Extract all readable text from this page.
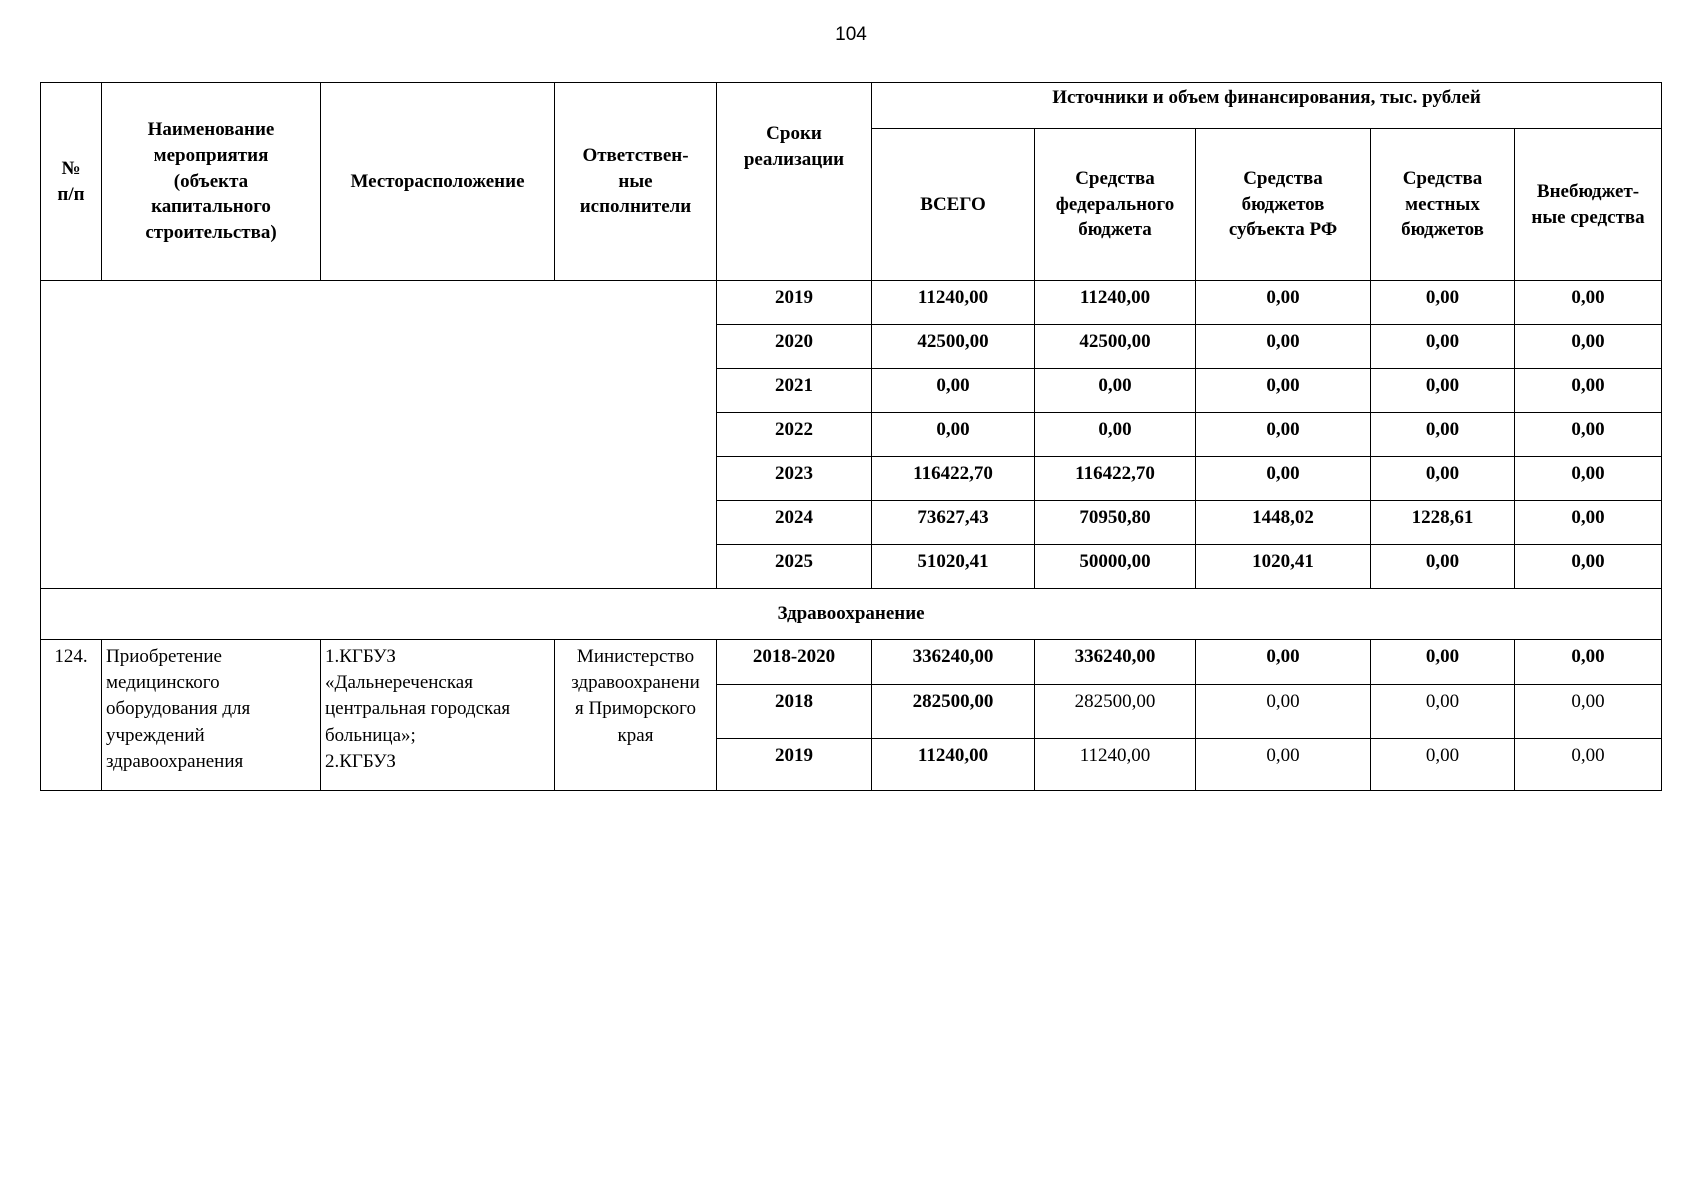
104
№
п/п	Наименование
мероприятия
(объекта
капитального
строительства)	Месторасположение	Ответствен-
ные
исполнители	Сроки
реализации	Источники и объем финансирования, тыс. рублей				
					ВСЕГО	Средства
федерального
бюджета	Средства
бюджетов
субъекта РФ	Средства
местных
бюджетов	Внебюджет-
ные средства
				2019	11240,00	11240,00	0,00	0,00	0,00
				2020	42500,00	42500,00	0,00	0,00	0,00
				2021	0,00	0,00	0,00	0,00	0,00
				2022	0,00	0,00	0,00	0,00	0,00
				2023	116422,70	116422,70	0,00	0,00	0,00
				2024	73627,43	70950,80	1448,02	1228,61	0,00
				2025	51020,41	50000,00	1020,41	0,00	0,00
Здравоохранение									
124.	Приобретение
медицинского
оборудования для
учреждений
здравоохранения	1.КГБУЗ
«Дальнереченская
центральная городская
больница»;
2.КГБУЗ	Министерство
здравоохранени
я Приморского
края	2018-2020	336240,00	336240,00	0,00	0,00	0,00
				2018	282500,00	282500,00	0,00	0,00	0,00
				2019	11240,00	11240,00	0,00	0,00	0,00
